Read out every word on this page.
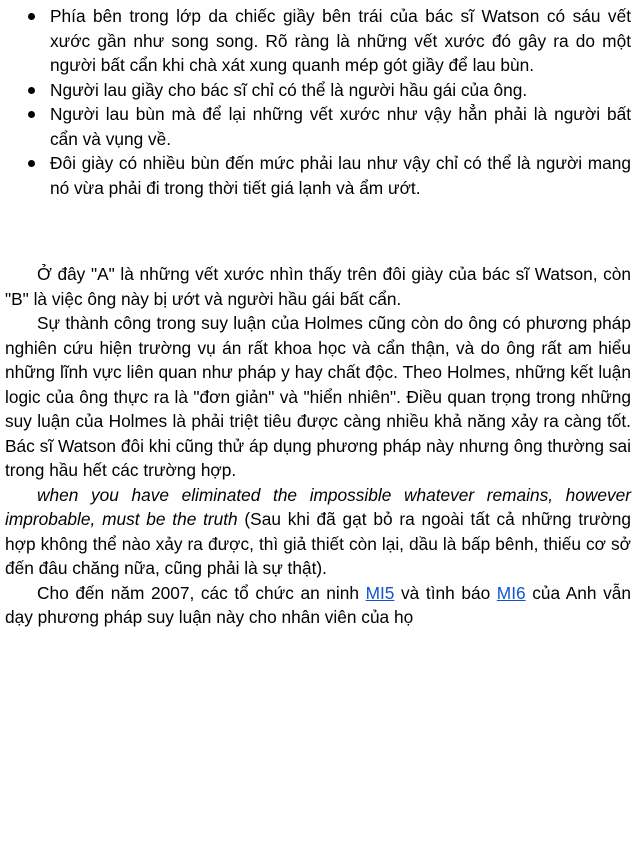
Phía bên trong lớp da chiếc giầy bên trái của bác sĩ Watson có sáu vết xước gần như song song. Rõ ràng là những vết xước đó gây ra do một người bất cẩn khi chà xát xung quanh mép gót giầy để lau bùn.
Người lau giầy cho bác sĩ chỉ có thể là người hầu gái của ông.
Người lau bùn mà để lại những vết xước như vậy hẳn phải là người bất cẩn và vụng về.
Đôi giày có nhiều bùn đến mức phải lau như vậy chỉ có thể là người mang nó vừa phải đi trong thời tiết giá lạnh và ẩm ướt.

Ở đây "A" là những vết xước nhìn thấy trên đôi giày của bác sĩ Watson, còn "B" là việc ông này bị ướt và người hầu gái bất cẩn.

Sự thành công trong suy luận của Holmes cũng còn do ông có phương pháp nghiên cứu hiện trường vụ án rất khoa học và cẩn thận, và do ông rất am hiểu những lĩnh vực liên quan như pháp y hay chất độc. Theo Holmes, những kết luận logic của ông thực ra là "đơn giản" và "hiển nhiên". Điều quan trọng trong những suy luận của Holmes là phải triệt tiêu được càng nhiều khả năng xảy ra càng tốt. Bác sĩ Watson đôi khi cũng thử áp dụng phương pháp này nhưng ông thường sai trong hầu hết các trường hợp.

when you have eliminated the impossible whatever remains, however improbable, must be the truth (Sau khi đã gạt bỏ ra ngoài tất cả những trường hợp không thể nào xảy ra được, thì giả thiết còn lại, dầu là bấp bênh, thiếu cơ sở đến đâu chăng nữa, cũng phải là sự thật).

Cho đến năm 2007, các tổ chức an ninh MI5 và tình báo MI6 của Anh vẫn dạy phương pháp suy luận này cho nhân viên của họ
